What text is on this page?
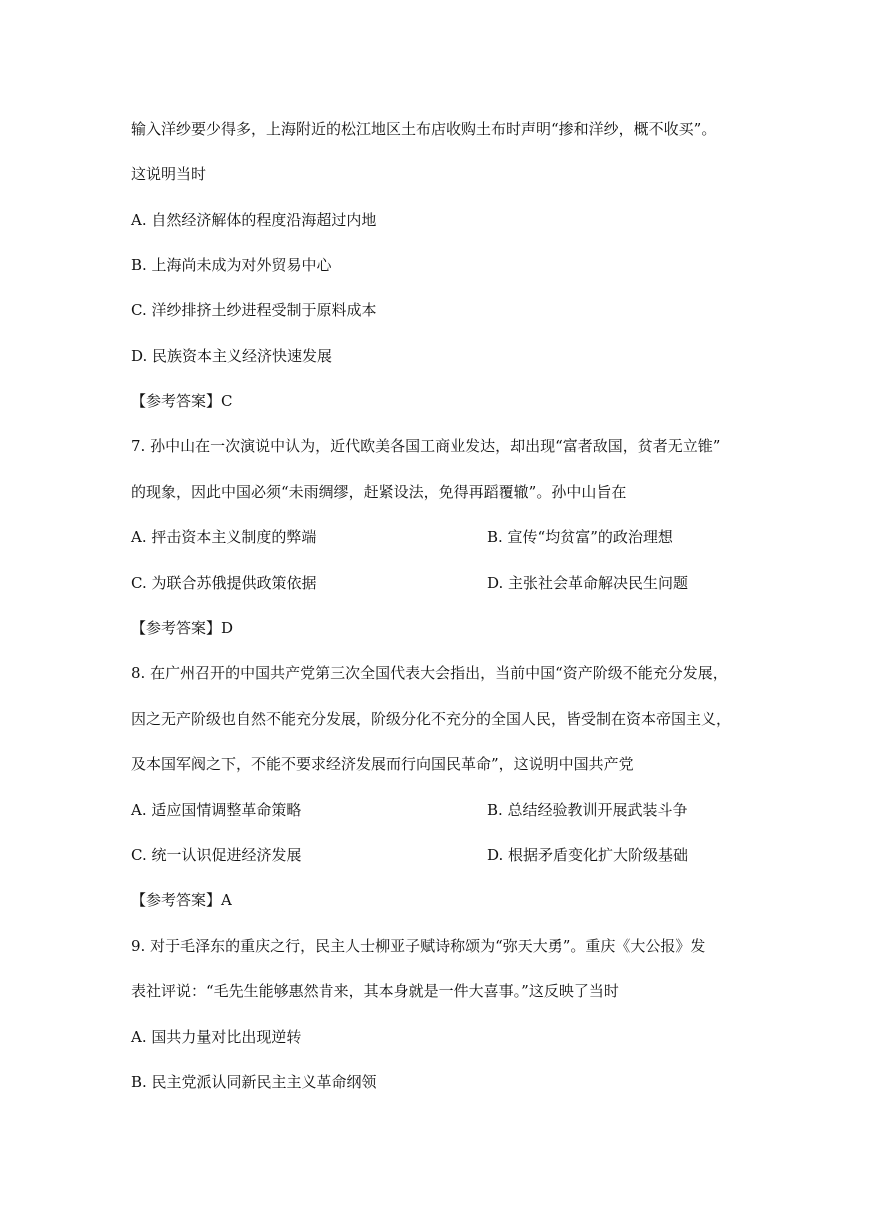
输入洋纱要少得多，上海附近的松江地区土布店收购土布时声明“掺和洋纱，概不收买”。
这说明当时
A. 自然经济解体的程度沿海超过内地
B. 上海尚未成为对外贸易中心
C. 洋纱排挤土纱进程受制于原料成本
D. 民族资本主义经济快速发展
【参考答案】C
7. 孙中山在一次演说中认为，近代欧美各国工商业发达，却出现“富者敌国，贫者无立锥”
的现象，因此中国必须“未雨绸缪，赶紧设法，免得再蹈覆辙”。孙中山旨在
A. 抨击资本主义制度的弊端	B. 宣传“均贫富”的政治理想
C. 为联合苏俄提供政策依据	D. 主张社会革命解决民生问题
【参考答案】D
8. 在广州召开的中国共产党第三次全国代表大会指出，当前中国“资产阶级不能充分发展，
因之无产阶级也自然不能充分发展，阶级分化不充分的全国人民，皆受制在资本帝国主义，
及本国军阀之下，不能不要求经济发展而行向国民革命”，这说明中国共产党
A. 适应国情调整革命策略	B. 总结经验教训开展武装斗争
C. 统一认识促进经济发展	D. 根据矛盾变化扩大阶级基础
【参考答案】A
9. 对于毛泽东的重庆之行，民主人士柳亚子赋诗称颂为“弥天大勇”。重庆《大公报》发
表社评说：“毛先生能够惠然肯来，其本身就是一件大喜事。”这反映了当时
A. 国共力量对比出现逆转
B. 民主党派认同新民主主义革命纲领
